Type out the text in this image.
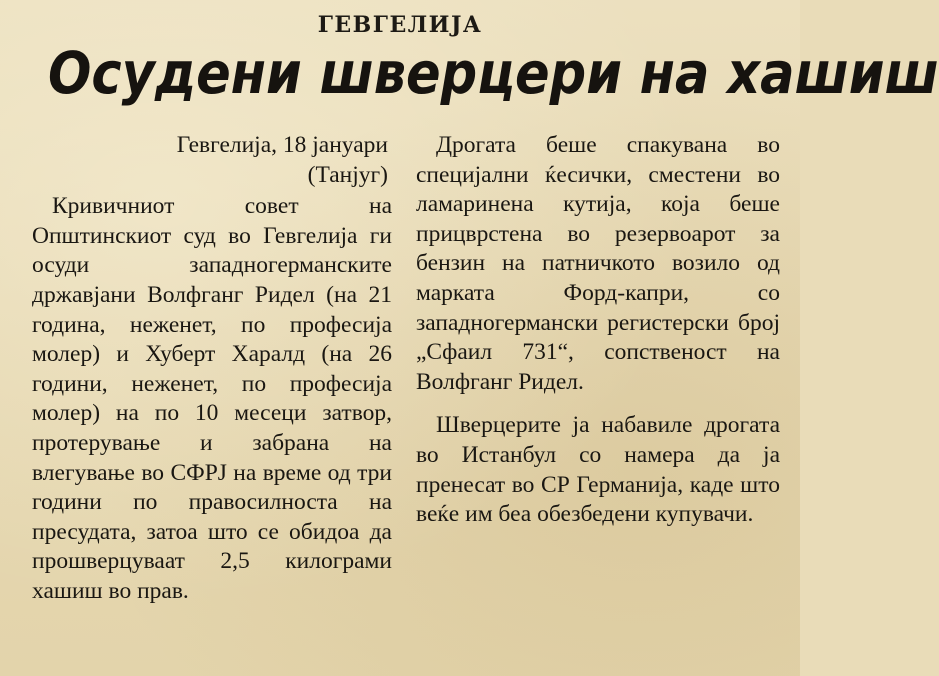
ГЕВГЕЛИЈА
Осудени шверцери на хашиш
Гевгелија, 18 јануари
(Танјуг)

Кривичниот совет на Општинскиот суд во Гевгелија ги осуди западногерманските државјани Волфганг Ридел (на 21 година, неженет, по професија молер) и Хуберт Харалд (на 26 години, неженет, по професија молер) на по 10 месеци затвор, протерување и забрана на влегување во СФРЈ на време од три години по правосилноста на пресудата, затоа што се обидоа да прошверцуваат 2,5 килограми хашиш во прав.

Дрогата беше спакувана во специјални ќесички, сместени во ламаринена кутија, која беше прицврстена во резервоарот за бензин на патничкото возило од марката Форд-капри, со западногермански регистерски број „Сфаил 731“, сопственост на Волфганг Ридел.

Шверцерите ја набавиле дрогата во Истанбул со намера да ја пренесат во СР Германија, каде што веќе им беа обезбедени купувачи.
